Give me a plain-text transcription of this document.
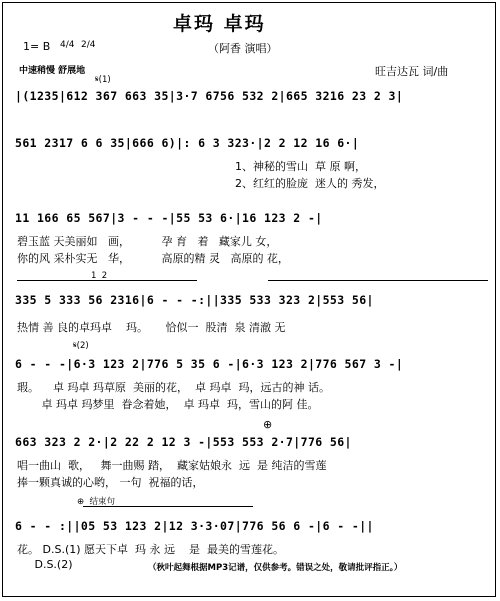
卓玛 卓玛
（阿香 演唱）
1= B 4/4 2/4
中速稍慢 舒展地	旺吉达瓦 词/曲
𝄋(1)
|(1235|612 367 663 35|3·7 6756 532 2|665 3216 23 2 3|
561 2317 6 6 35|666 6)|: 6 3 323·|2 2 12 16 6·|
1、神秘的雪山  草 原 啊，
2、红红的脸庞  迷人的 秀发，
11 166 65 567|3 - - -|55 53 6·|16 123 2 -|
碧玉蓝 天美丽如   画，         孕 育   着   藏家儿 女，
你的风 采朴实无   华，         高原的精 灵   高原的 花，
1  2
335 5 333 56 2316|6 - - -:||335 533 323 2|553 56|
热情 善 良的卓玛卓    玛。     恰似一  股清  泉 清澈 无
𝄋(2)
6 - - -|6·3 123 2|776 5 35 6 -|6·3 123 2|776 567 3 -|
瑕。    卓 玛卓 玛草原  美丽的花，  卓 玛卓  玛，远古的神 话。
卓 玛卓 玛梦里  眷念着她，  卓 玛卓  玛，雪山的阿 佳。
⊕
663 323 2 2·|2 22 2 12 3 -|553 553 2·7|776 56|
唱一曲山  歌，   舞一曲赐 踏，  藏家姑娘永  远  是 纯洁的雪莲
捧一颗真诚的心哟， 一句  祝福的话，
⊕  结束句
6 - - :||05 53 123 2|12 3·3·07|776 56 6 -|6 - -||
花。 D.S.(1) 愿天下卓  玛 永 远    是  最美的雪莲花。
D.S.(2)	（秋叶起舞根据MP3记谱，仅供参考。错误之处，敬请批评指正。）
